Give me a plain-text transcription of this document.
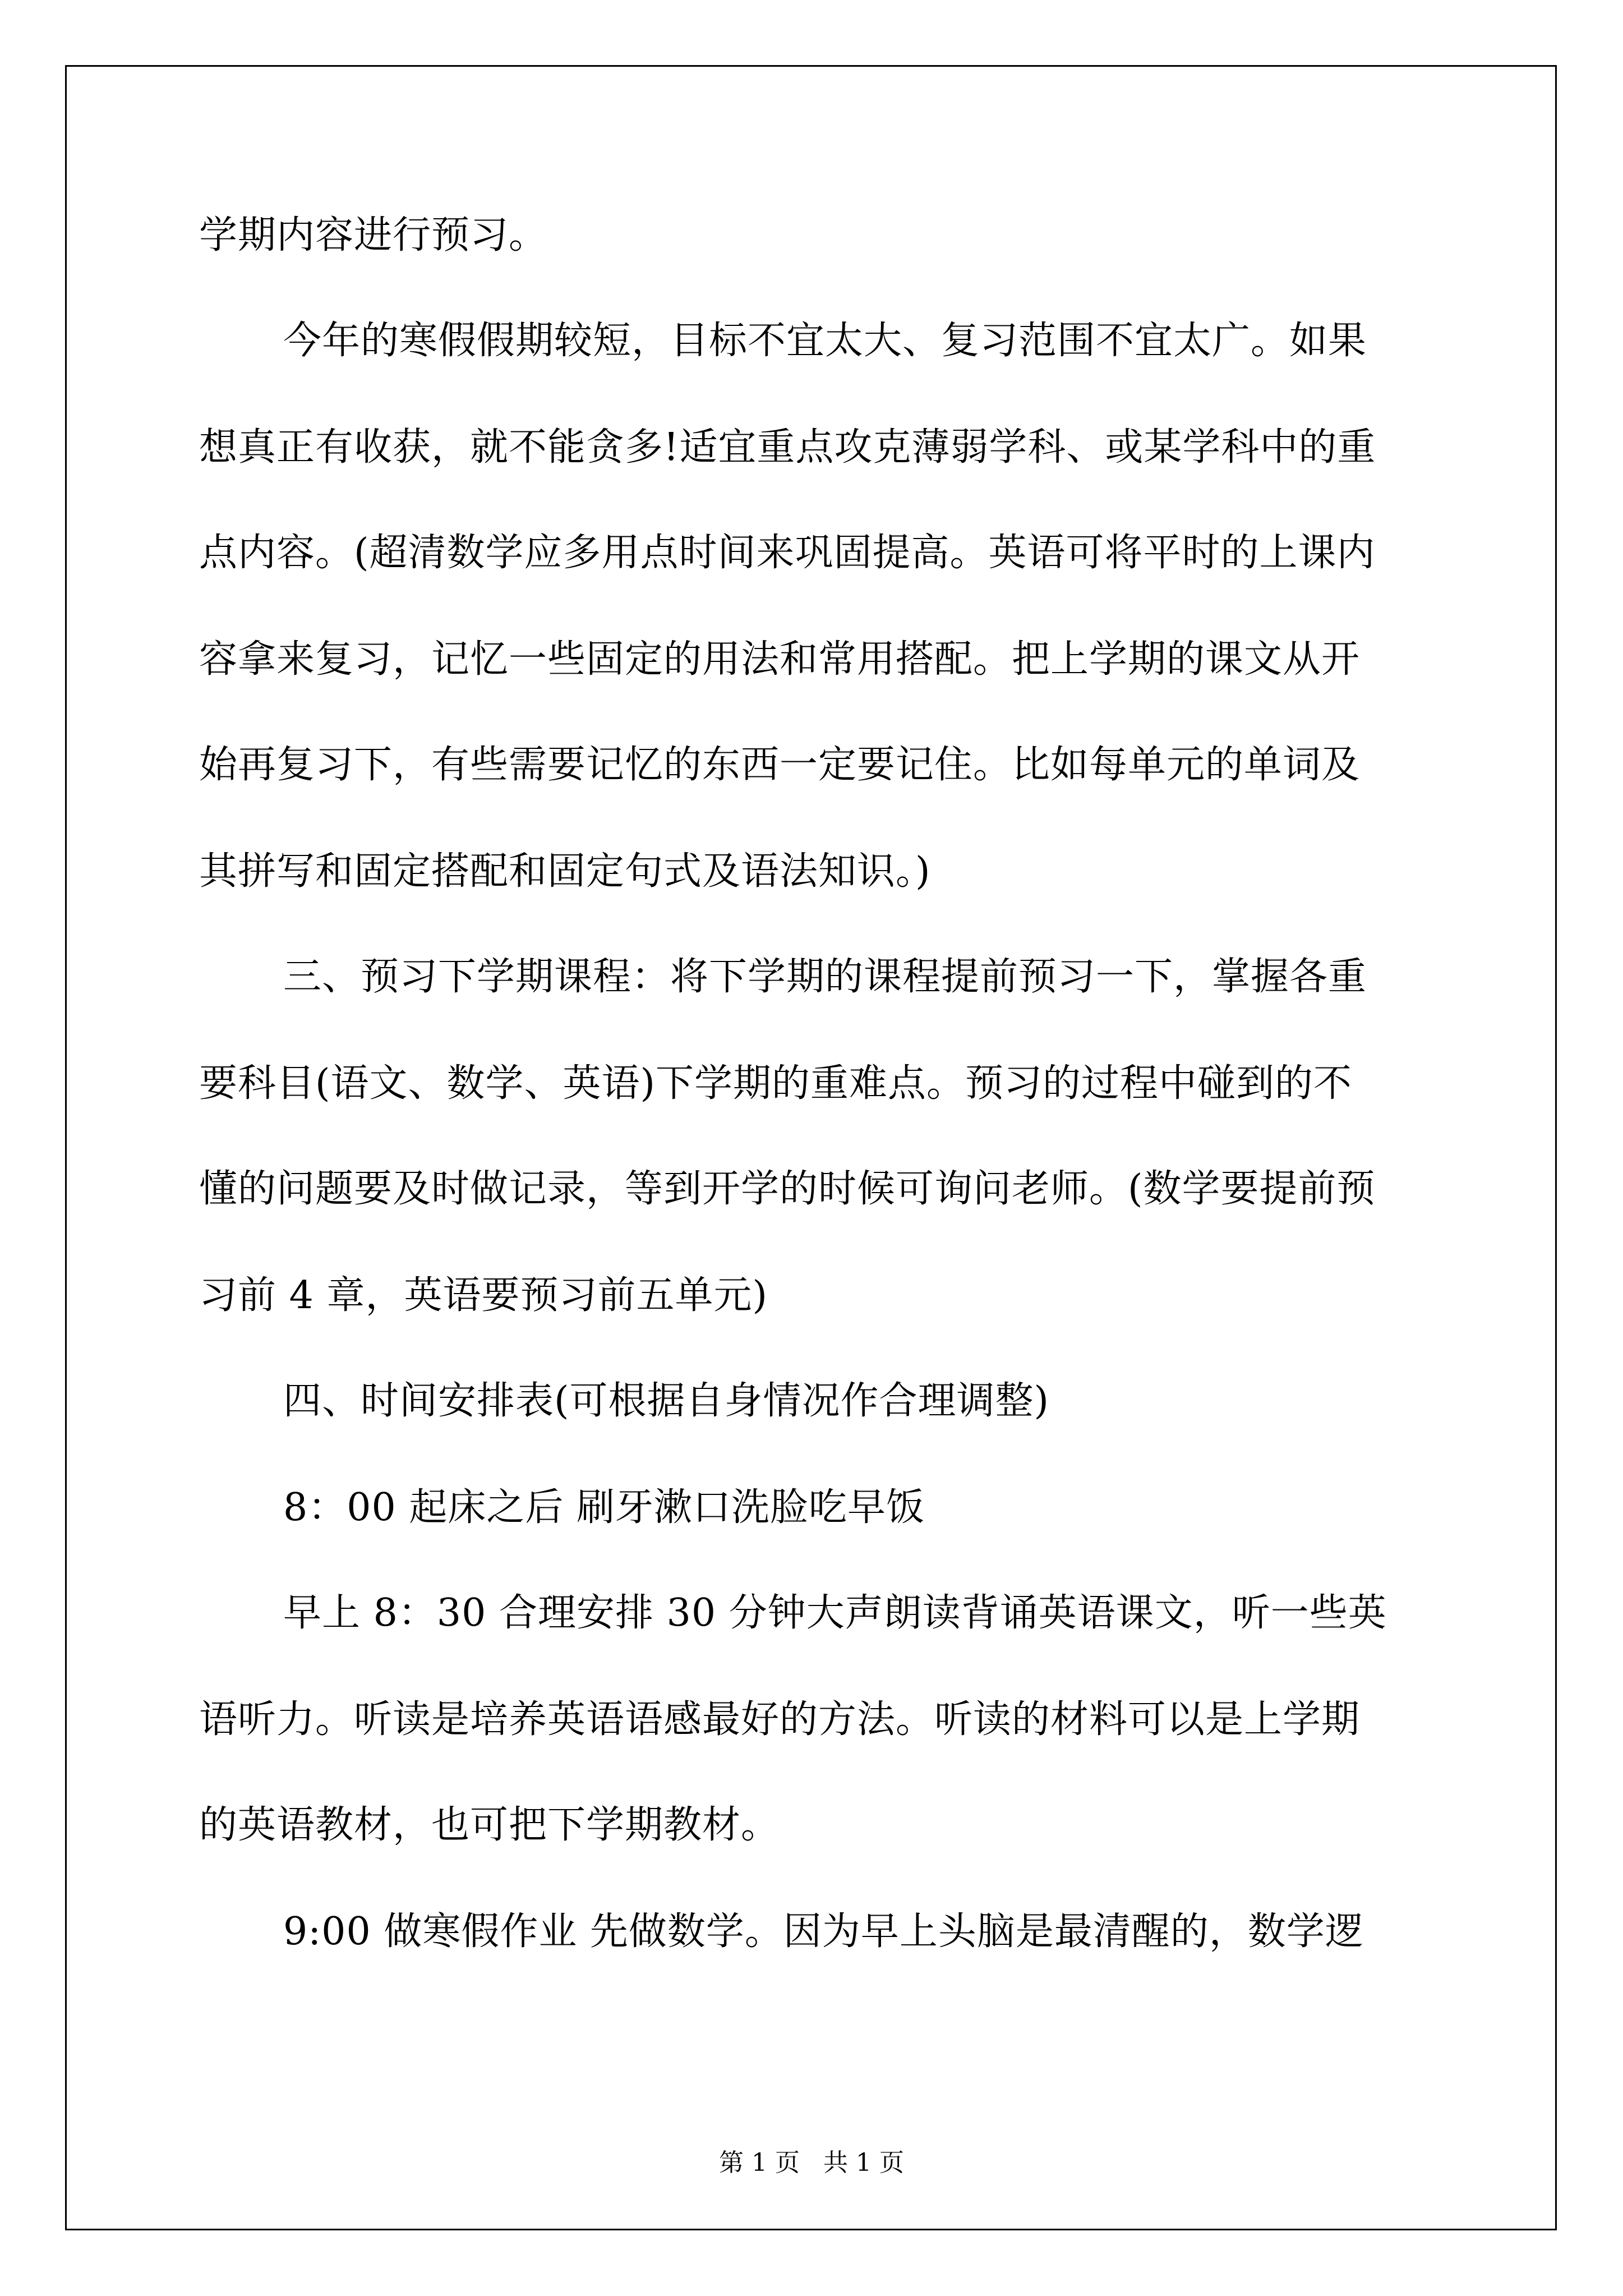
学期内容进行预习。
今年的寒假假期较短，目标不宜太大、复习范围不宜太广。如果
想真正有收获，就不能贪多!适宜重点攻克薄弱学科、或某学科中的重
点内容。(超清数学应多用点时间来巩固提高。英语可将平时的上课内
容拿来复习，记忆一些固定的用法和常用搭配。把上学期的课文从开
始再复习下，有些需要记忆的东西一定要记住。比如每单元的单词及
其拼写和固定搭配和固定句式及语法知识。)
三、预习下学期课程：将下学期的课程提前预习一下，掌握各重
要科目(语文、数学、英语)下学期的重难点。预习的过程中碰到的不
懂的问题要及时做记录，等到开学的时候可询问老师。(数学要提前预
习前 4 章，英语要预习前五单元)
四、时间安排表(可根据自身情况作合理调整)
8：00 起床之后 刷牙漱口洗脸吃早饭
早上 8：30 合理安排 30 分钟大声朗读背诵英语课文，听一些英
语听力。听读是培养英语语感最好的方法。听读的材料可以是上学期
的英语教材，也可把下学期教材。
9:00 做寒假作业 先做数学。因为早上头脑是最清醒的，数学逻
第 1 页   共 1 页
